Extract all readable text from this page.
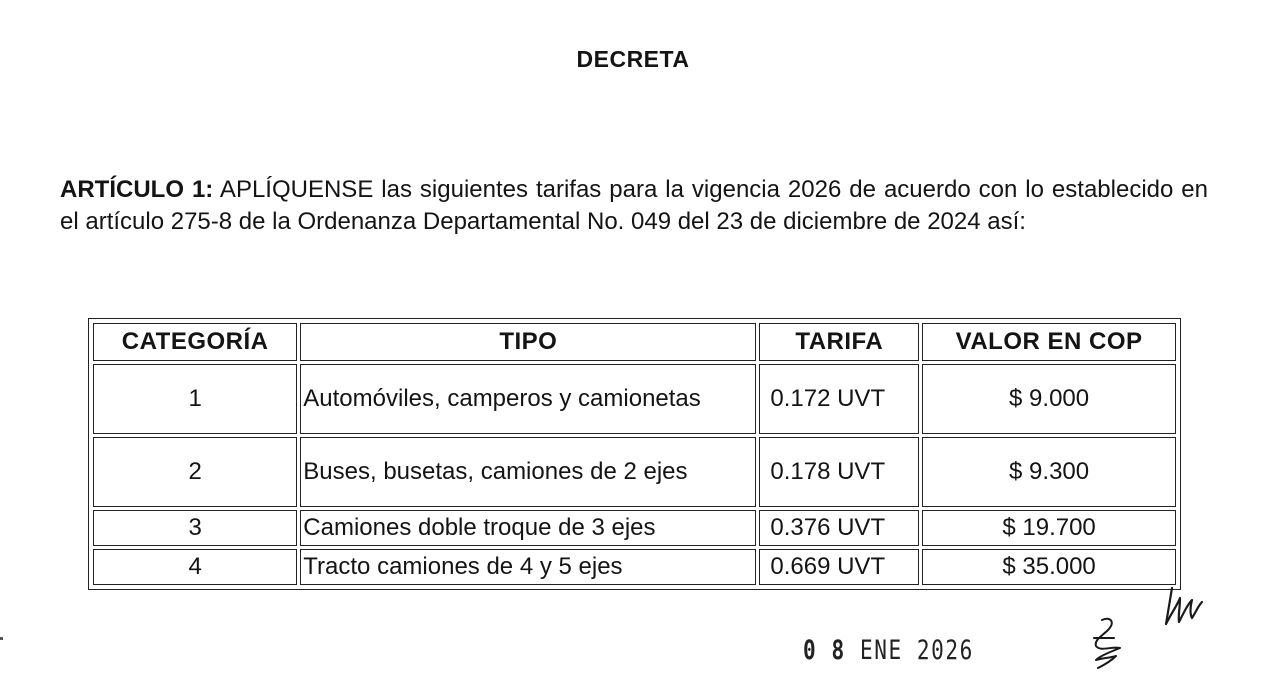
DECRETA
ARTÍCULO 1: APLÍQUENSE las siguientes tarifas para la vigencia 2026 de acuerdo con lo establecido en el artículo 275-8 de la Ordenanza Departamental No. 049 del 23 de diciembre de 2024 así:
CATEGORÍA	TIPO	TARIFA	VALOR EN COP
1	Automóviles, camperos y camionetas	0.172 UVT	$ 9.000
2	Buses, busetas, camiones de 2 ejes	0.178 UVT	$ 9.300
3	Camiones doble troque de 3 ejes	0.376 UVT	$ 19.700
4	Tracto camiones de 4 y 5 ejes	0.669 UVT	$ 35.000
0 8 ENE 2026
